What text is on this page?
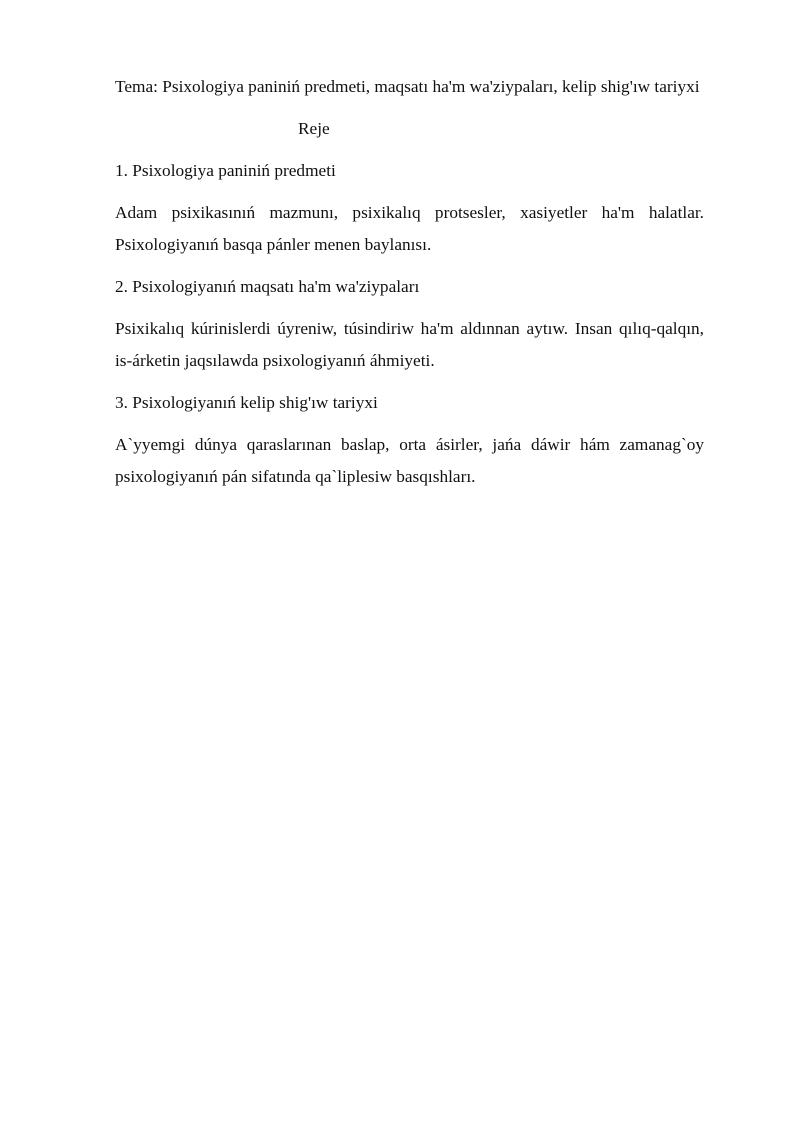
Tema: Psixologiya paniniń predmeti, maqsatı ha'm wa'ziypaları, kelip shig'ıw tariyxi

Reje

1. Psixologiya paniniń predmeti

Adam psixikasınıń mazmunı, psixikalıq protsesler, xasiyetler ha'm halatlar. Psixologiyanıń basqa pánler menen baylanısı.

2. Psixologiyanıń maqsatı ha'm wa'ziypaları

Psixikalıq kúrinislerdi úyreniw, túsindiriw ha'm aldınnan aytıw. Insan qılıq-qalqın, is-árketin jaqsılawda psixologiyanıń áhmiyeti.

3. Psixologiyanıń kelip shig'ıw tariyxi

A`yyemgi dúnya qaraslarınan baslap, orta ásirler, jańa dáwir hám zamanag`oy psixologiyanıń pán sifatında qa`liplesiw basqıshları.
